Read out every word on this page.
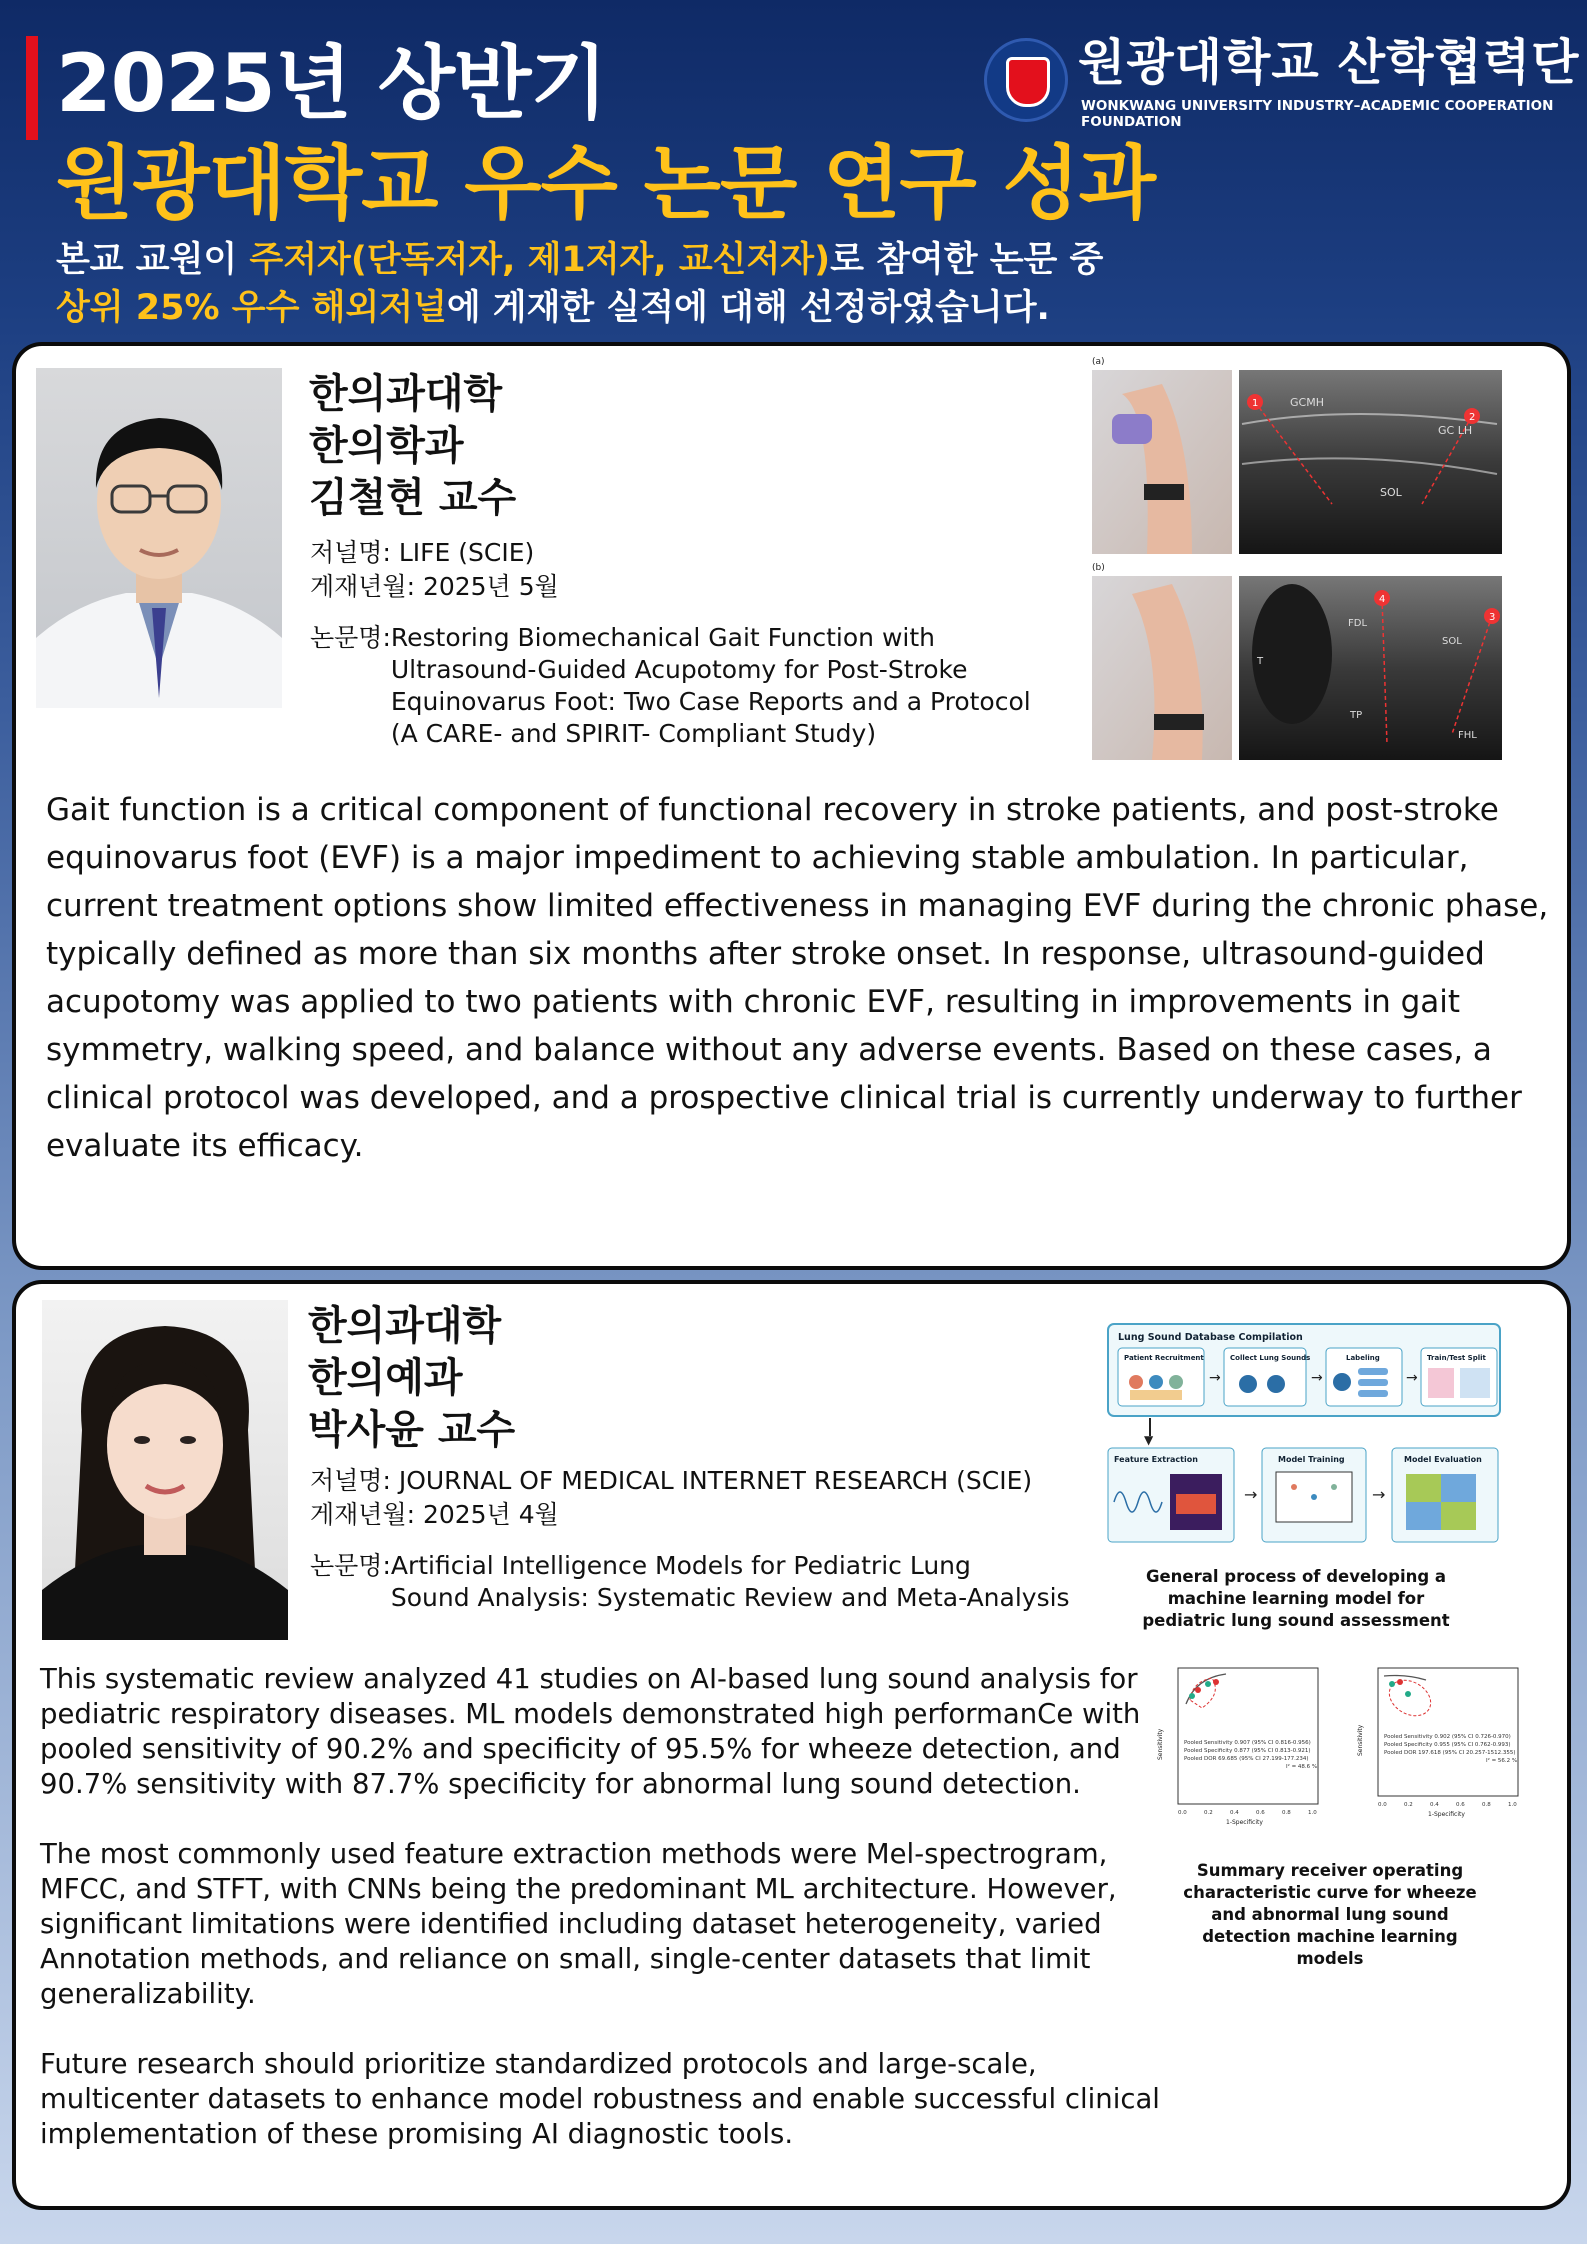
2025년 상반기
원광대학교 우수 논문 연구 성과
본교 교원이 주저자(단독저자, 제1저자, 교신저자)로 참여한 논문 중
상위 25% 우수 해외저널에 게재한 실적에 대해 선정하였습니다.
원광대학교 산학협력단
WONKWANG UNIVERSITY INDUSTRY–ACADEMIC COOPERATION FOUNDATION
한의과대학
한의학과
김철현 교수
저널명: LIFE (SCIE)
게재년월: 2025년 5월
논문명: Restoring Biomechanical Gait Function with
Ultrasound-Guided Acupotomy for Post-Stroke
Equinovarus Foot: Two Case Reports and a Protocol
(A CARE- and SPIRIT- Compliant Study)
(a)
1
2
GCMH
GC LH
SOL
(b)
4
3
FDL
SOL
T
TP
FHL
Gait function is a critical component of functional recovery in stroke patients, and post-stroke equinovarus foot (EVF) is a major impediment to achieving stable ambulation. In particular, current treatment options show limited effectiveness in managing EVF during the chronic phase, typically defined as more than six months after stroke onset. In response, ultrasound-guided acupotomy was applied to two patients with chronic EVF, resulting in improvements in gait symmetry, walking speed, and balance without any adverse events. Based on these cases, a clinical protocol was developed, and a prospective clinical trial is currently underway to further evaluate its efficacy.
한의과대학
한의예과
박사윤 교수
저널명: JOURNAL OF MEDICAL INTERNET RESEARCH (SCIE)
게재년월: 2025년 4월
논문명: Artificial Intelligence Models for Pediatric Lung
Sound Analysis: Systematic Review and Meta-Analysis
Lung Sound Database Compilation
Patient Recruitment
→
Collect Lung Sounds
→
Labeling
→
Train/Test Split
▼
Feature Extraction
→
Model Training
→
Model Evaluation
General process of developing a machine learning model for pediatric lung sound assessment
Sensitivity	Pooled Sensitivity 0.907 (95% CI 0.816-0.956)
Pooled Specificity 0.877 (95% CI 0.813-0.921)
Pooled DOR 69.685 (95% CI 27.199-177.234)
I² = 48.6 %
1-Specificity
0.0	0.2	0.4	0.6	0.8	1.0
Sensitivity	Pooled Sensitivity 0.902 (95% CI 0.726-0.970)
Pooled Specificity 0.955 (95% CI 0.762-0.993)
Pooled DOR 197.618 (95% CI 20.257-1512.355)
I² = 56.2 %
1-Specificity
0.0	0.2	0.4	0.6	0.8	1.0
Summary receiver operating characteristic curve for wheeze and abnormal lung sound detection machine learning models

This systematic review analyzed 41 studies on AI-based lung sound analysis for pediatric respiratory diseases. ML models demonstrated high performanCe with pooled sensitivity of 90.2% and specificity of 95.5% for wheeze detection, and 90.7% sensitivity with 87.7% specificity for abnormal lung sound detection.

The most commonly used feature extraction methods were Mel-spectrogram, MFCC, and STFT, with CNNs being the predominant ML architecture. However, significant limitations were identified including dataset heterogeneity, varied Annotation methods, and reliance on small, single-center datasets that limit generalizability.

Future research should prioritize standardized protocols and large-scale, multicenter datasets to enhance model robustness and enable successful clinical implementation of these promising AI diagnostic tools.
